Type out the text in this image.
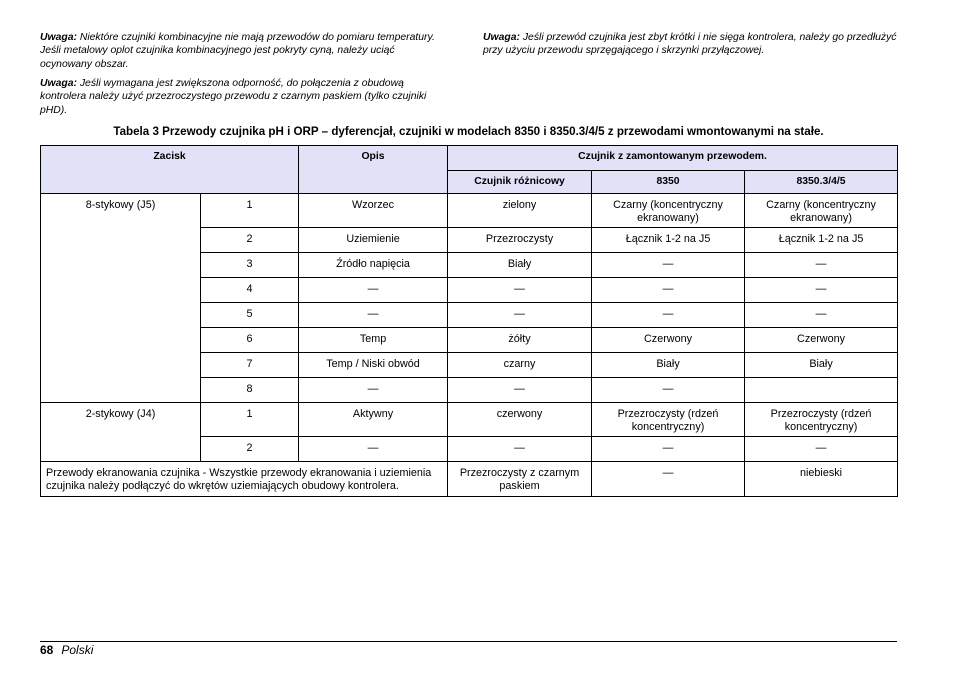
Uwaga: Niektóre czujniki kombinacyjne nie mają przewodów do pomiaru temperatury. Jeśli metalowy oplot czujnika kombinacyjnego jest pokryty cyną, należy uciąć ocynowany obszar.
Uwaga: Jeśli wymagana jest zwiększona odporność, do połączenia z obudową kontrolera należy użyć przezroczystego przewodu z czarnym paskiem (tylko czujniki pHD).
Uwaga: Jeśli przewód czujnika jest zbyt krótki i nie sięga kontrolera, należy go przedłużyć przy użyciu przewodu sprzęgającego i skrzynki przyłączowej.
Tabela 3 Przewody czujnika pH i ORP – dyferencjał, czujniki w modelach 8350 i 8350.3/4/5 z przewodami wmontowanymi na stałe.
Zacisk		Opis	Czujnik z zamontowanym przewodem.		
			Czujnik różnicowy	8350	8350.3/4/5
8-stykowy (J5)	1	Wzorzec	zielony	Czarny (koncentryczny ekranowany)	Czarny (koncentryczny ekranowany)
	2	Uziemienie	Przezroczysty	Łącznik 1-2 na J5	Łącznik 1-2 na J5
	3	Źródło napięcia	Biały	—	—
	4	—	—	—	—
	5	—	—	—	—
	6	Temp	żółty	Czerwony	Czerwony
	7	Temp / Niski obwód	czarny	Biały	Biały
	8	—	—	—	
2-stykowy (J4)	1	Aktywny	czerwony	Przezroczysty (rdzeń koncentryczny)	Przezroczysty (rdzeń koncentryczny)
	2	—	—	—	—
Przewody ekranowania czujnika - Wszystkie przewody ekranowania i uziemienia czujnika należy podłączyć do wkrętów uziemiających obudowy kontrolera.			Przezroczysty z czarnym paskiem	—	niebieski
68 Polski
